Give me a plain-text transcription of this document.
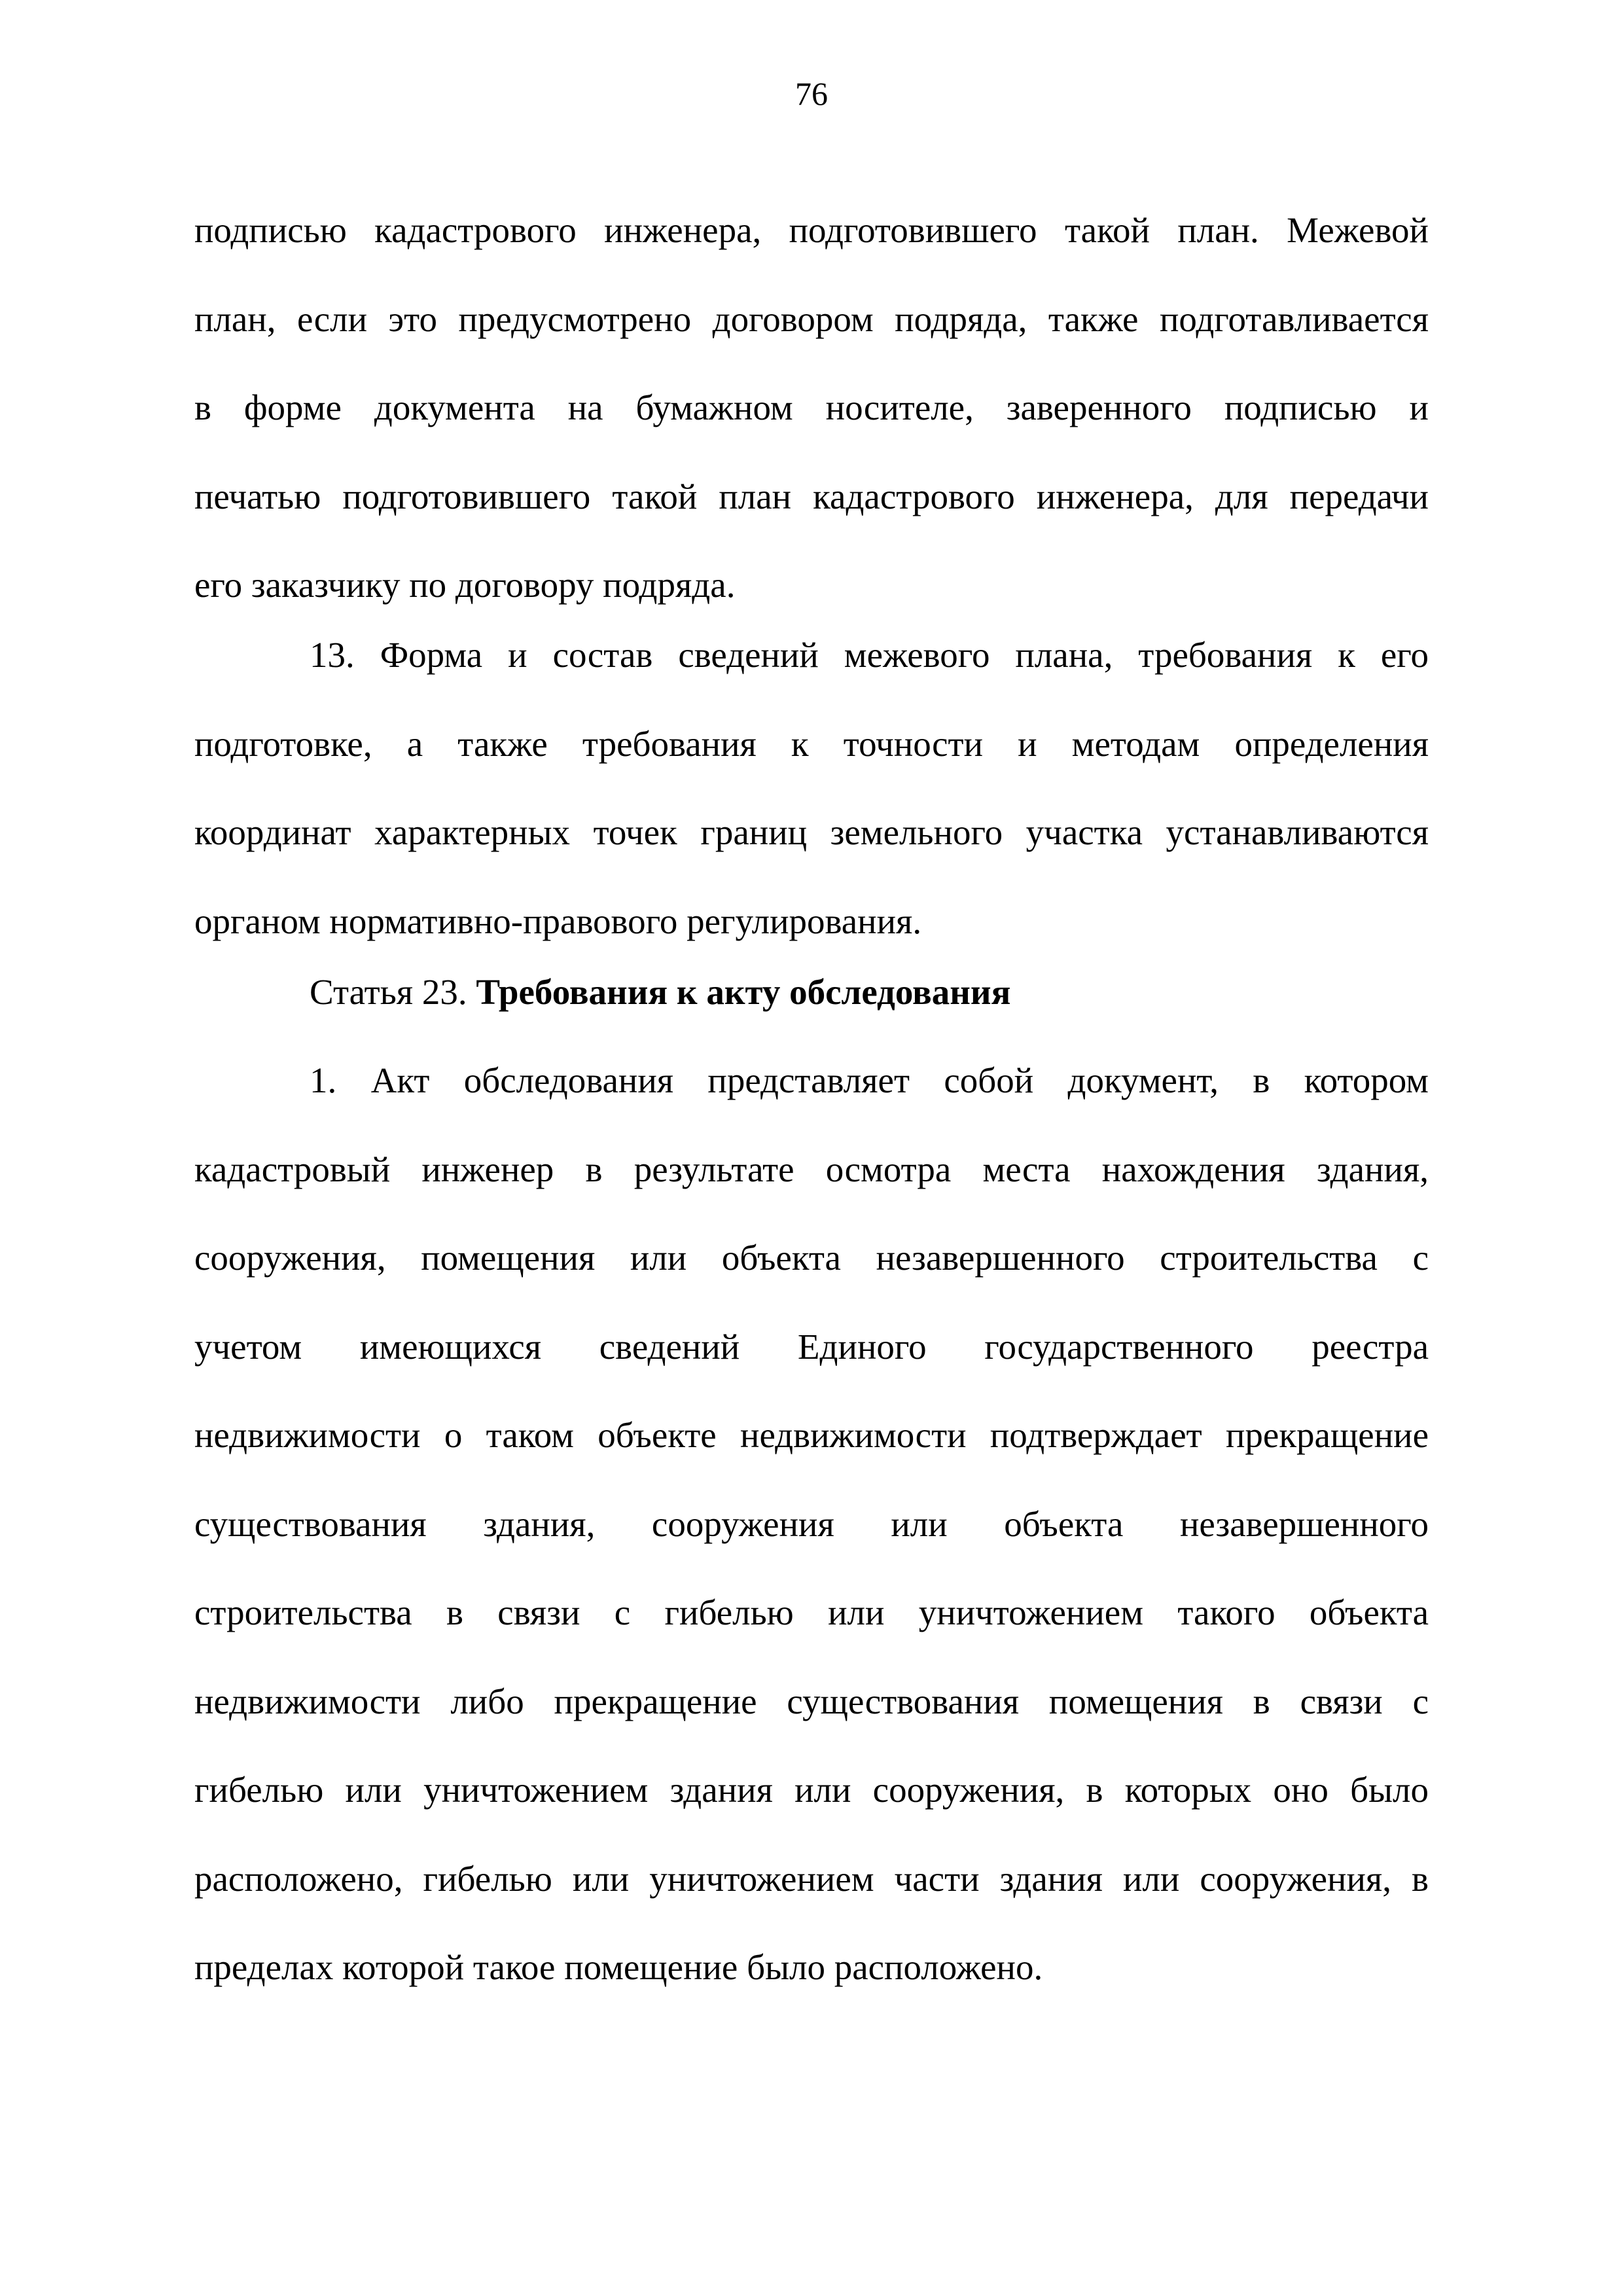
76
подписью кадастрового инженера, подготовившего такой план. Межевой
план, если это предусмотрено договором подряда, также подготавливается
в форме документа на бумажном носителе, заверенного подписью и
печатью подготовившего такой план кадастрового инженера, для передачи
его заказчику по договору подряда.
13. Форма и состав сведений межевого плана, требования к его
подготовке, а также требования к точности и методам определения
координат характерных точек границ земельного участка устанавливаются
органом нормативно-правового регулирования.
Статья 23. Требования к акту обследования
1. Акт обследования представляет собой документ, в котором
кадастровый инженер в результате осмотра места нахождения здания,
сооружения, помещения или объекта незавершенного строительства с
учетом имеющихся сведений Единого государственного реестра
недвижимости о таком объекте недвижимости подтверждает прекращение
существования здания, сооружения или объекта незавершенного
строительства в связи с гибелью или уничтожением такого объекта
недвижимости либо прекращение существования помещения в связи с
гибелью или уничтожением здания или сооружения, в которых оно было
расположено, гибелью или уничтожением части здания или сооружения, в
пределах которой такое помещение было расположено.
